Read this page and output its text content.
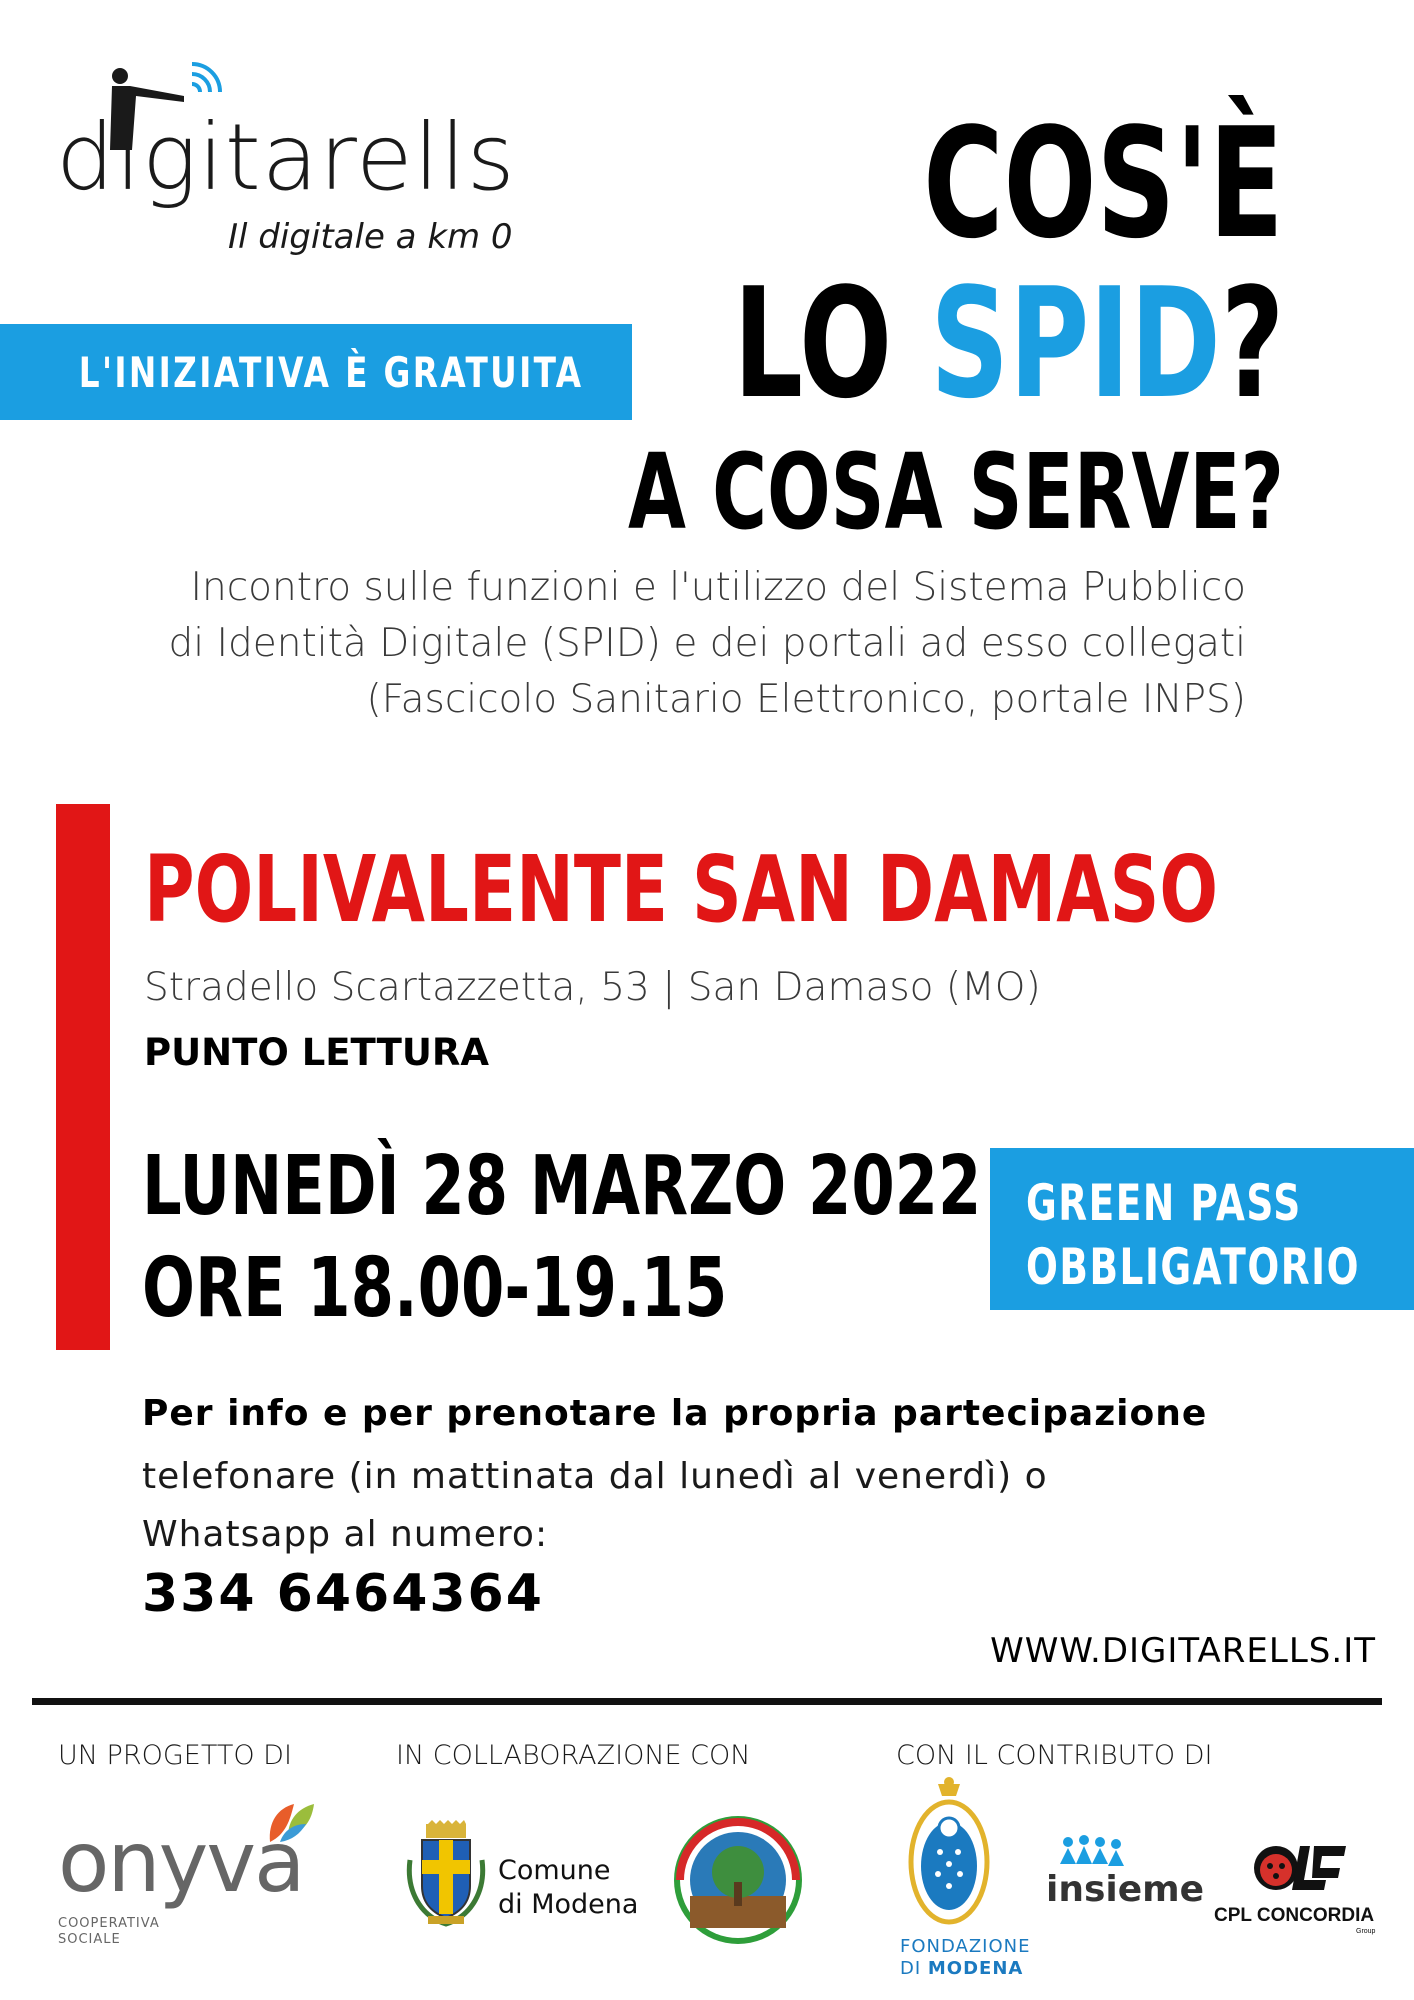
digitarells
Il digitale a km 0
L'INIZIATIVA È GRATUITA
COS'È
LO SPID?
A COSA SERVE?
Incontro sulle funzioni e l'utilizzo del Sistema Pubblico
di Identità Digitale (SPID) e dei portali ad esso collegati
(Fascicolo Sanitario Elettronico, portale INPS)
POLIVALENTE SAN DAMASO
Stradello Scartazzetta, 53 | San Damaso (MO)
PUNTO LETTURA
LUNEDÌ 28 MARZO 2022
ORE 18.00-19.15
GREEN PASS
OBBLIGATORIO
Per info e per prenotare la propria partecipazione
telefonare (in mattinata dal lunedì al venerdì) o
Whatsapp al numero:
334 6464364
WWW.DIGITARELLS.IT
UN PROGETTO DI	IN COLLABORAZIONE CON	CON IL CONTRIBUTO DI
onyva
COOPERATIVA
SOCIALE
Comune
di Modena
FONDAZIONE
DI MODENA
insieme
CPL CONCORDIA
Group
